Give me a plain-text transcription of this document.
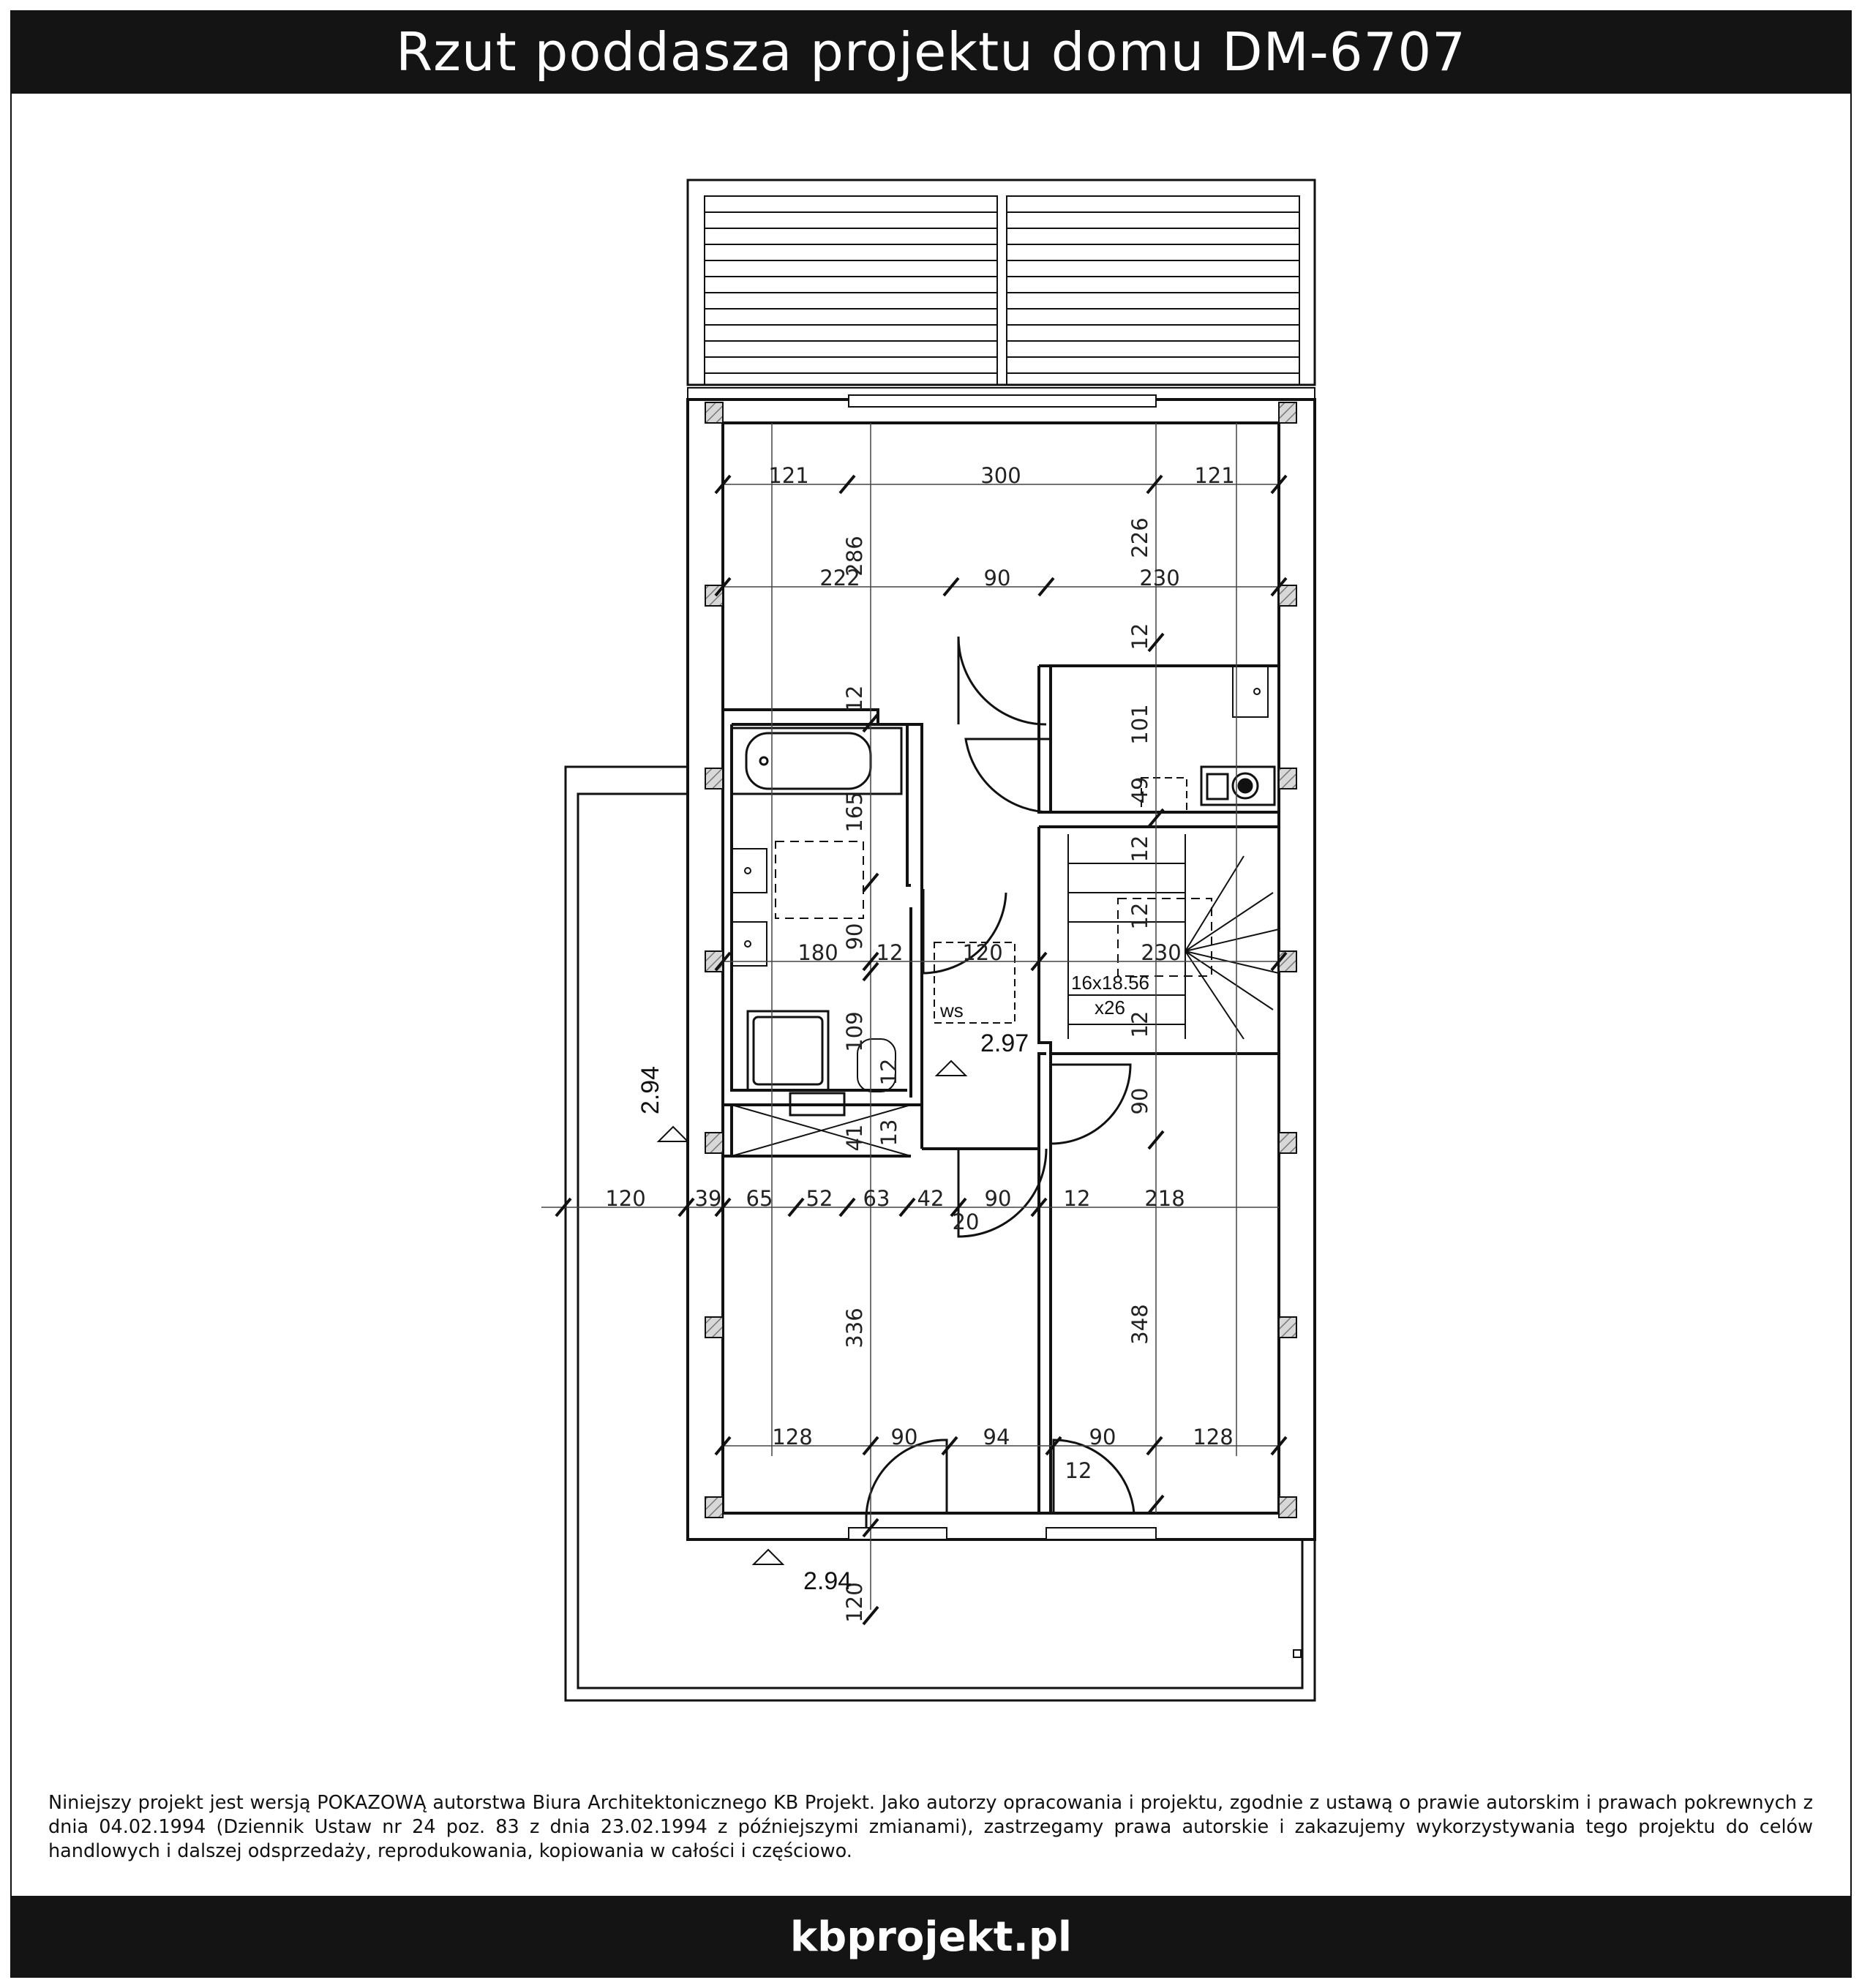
Rzut poddasza projektu domu DM-6707
121	300	121
286	226
222	90	230
12
12
101
49
12
165
90
180 12	120	230
12
12
109
12
41 13
90
120 39 65 52 63 42 90 12	218
20
336	348
128	90	94	90	128
12
120
16x18.56
x26
ws
2.97
2.94
2.94
Niniejszy projekt jest wersją POKAZOWĄ autorstwa Biura Architektonicznego KB Projekt. Jako autorzy opracowania i projektu, zgodnie z ustawą o prawie autorskim i prawach pokrewnych z dnia 04.02.1994 (Dziennik Ustaw nr 24 poz. 83 z dnia 23.02.1994 z późniejszymi zmianami), zastrzegamy prawa autorskie i zakazujemy wykorzystywania tego projektu do celów handlowych i dalszej odsprzedaży, reprodukowania, kopiowania w całości i częściowo.
kbprojekt.pl
